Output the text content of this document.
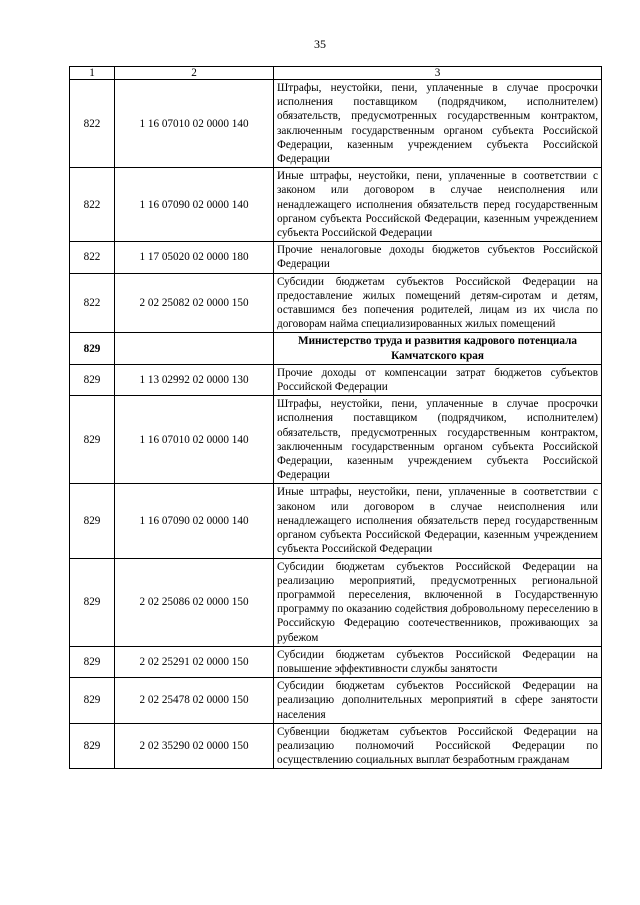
35
1	2	3
822	1 16 07010 02 0000 140	Штрафы, неустойки, пени, уплаченные в случае просрочки исполнения поставщиком (подрядчиком, исполнителем) обязательств, предусмотренных государственным контрактом, заключенным государственным органом субъекта Российской Федерации, казенным учреждением субъекта Российской Федерации
822	1 16 07090 02 0000 140	Иные штрафы, неустойки, пени, уплаченные в соответствии с законом или договором в случае неисполнения или ненадлежащего исполнения обязательств перед государственным органом субъекта Российской Федерации, казенным учреждением субъекта Российской Федерации
822	1 17 05020 02 0000 180	Прочие неналоговые доходы бюджетов субъектов Российской Федерации
822	2 02 25082 02 0000 150	Субсидии бюджетам субъектов Российской Федерации на предоставление жилых помещений детям-сиротам и детям, оставшимся без попечения родителей, лицам из их числа по договорам найма специализированных жилых помещений
829		Министерство труда и развития кадрового потенциала Камчатского края
829	1 13 02992 02 0000 130	Прочие доходы от компенсации затрат бюджетов субъектов Российской Федерации
829	1 16 07010 02 0000 140	Штрафы, неустойки, пени, уплаченные в случае просрочки исполнения поставщиком (подрядчиком, исполнителем) обязательств, предусмотренных государственным контрактом, заключенным государственным органом субъекта Российской Федерации, казенным учреждением субъекта Российской Федерации
829	1 16 07090 02 0000 140	Иные штрафы, неустойки, пени, уплаченные в соответствии с законом или договором в случае неисполнения или ненадлежащего исполнения обязательств перед государственным органом субъекта Российской Федерации, казенным учреждением субъекта Российской Федерации
829	2 02 25086 02 0000 150	Субсидии бюджетам субъектов Российской Федерации на реализацию мероприятий, предусмотренных региональной программой переселения, включенной в Государственную программу по оказанию содействия добровольному переселению в Российскую Федерацию соотечественников, проживающих за рубежом
829	2 02 25291 02 0000 150	Субсидии бюджетам субъектов Российской Федерации на повышение эффективности службы занятости
829	2 02 25478 02 0000 150	Субсидии бюджетам субъектов Российской Федерации на реализацию дополнительных мероприятий в сфере занятости населения
829	2 02 35290 02 0000 150	Субвенции бюджетам субъектов Российской Федерации на реализацию полномочий Российской Федерации по осуществлению социальных выплат безработным гражданам
